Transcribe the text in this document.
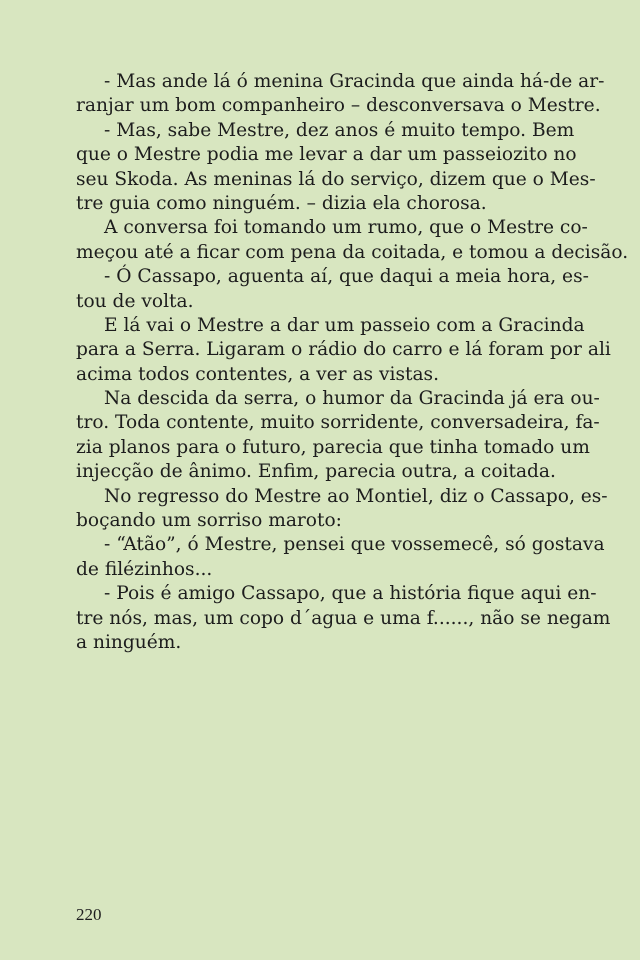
- Mas ande lá ó menina Gracinda que ainda há-de ar-
ranjar um bom companheiro – desconversava o Mestre.
- Mas, sabe Mestre, dez anos é muito tempo. Bem
que o Mestre podia me levar a dar um passeiozito no
seu Skoda. As meninas lá do serviço, dizem que o Mes-
tre guia como ninguém. – dizia ela chorosa.
A conversa foi tomando um rumo, que o Mestre co-
meçou até a ficar com pena da coitada, e tomou a decisão.
- Ó Cassapo, aguenta aí, que daqui a meia hora, es-
tou de volta.
E lá vai o Mestre a dar um passeio com a Gracinda
para a Serra. Ligaram o rádio do carro e lá foram por ali
acima todos contentes, a ver as vistas.
Na descida da serra, o humor da Gracinda já era ou-
tro. Toda contente, muito sorridente, conversadeira, fa-
zia planos para o futuro, parecia que tinha tomado um
injecção de ânimo. Enfim, parecia outra, a coitada.
No regresso do Mestre ao Montiel, diz o Cassapo, es-
boçando um sorriso maroto:
- “Atão”, ó Mestre, pensei que vossemecê, só gostava
de filézinhos...
- Pois é amigo Cassapo, que a história fique aqui en-
tre nós, mas, um copo d´agua e uma f......, não se negam
a ninguém.
220
